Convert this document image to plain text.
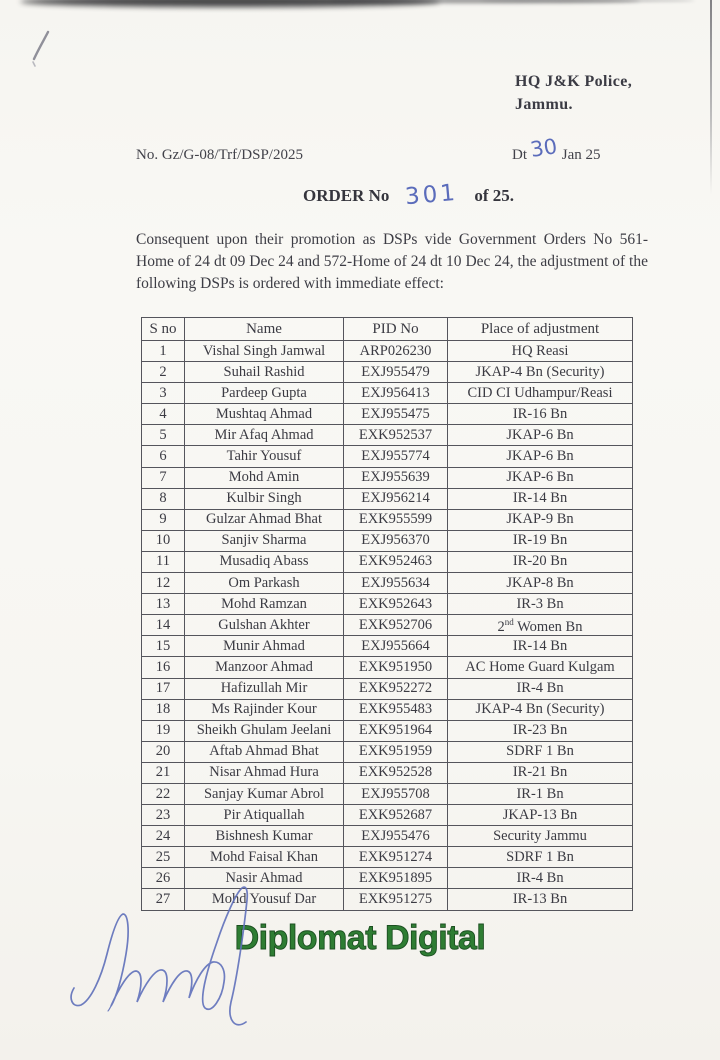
HQ J&K Police,
Jammu.
No. Gz/G-08/Trf/DSP/2025	Dt30 Jan 25
ORDER No 301 of 25.
Consequent upon their promotion as DSPs vide Government Orders No 561-Home of 24 dt 09 Dec 24 and 572-Home of 24 dt 10 Dec 24, the adjustment of the following DSPs is ordered with immediate effect:
S no	Name	PID No	Place of adjustment
1	Vishal Singh Jamwal	ARP026230	HQ Reasi
2	Suhail Rashid	EXJ955479	JKAP-4 Bn (Security)
3	Pardeep Gupta	EXJ956413	CID CI Udhampur/Reasi
4	Mushtaq Ahmad	EXJ955475	IR-16 Bn
5	Mir Afaq Ahmad	EXK952537	JKAP-6 Bn
6	Tahir Yousuf	EXJ955774	JKAP-6 Bn
7	Mohd Amin	EXJ955639	JKAP-6 Bn
8	Kulbir Singh	EXJ956214	IR-14 Bn
9	Gulzar Ahmad Bhat	EXK955599	JKAP-9 Bn
10	Sanjiv Sharma	EXJ956370	IR-19 Bn
11	Musadiq Abass	EXK952463	IR-20 Bn
12	Om Parkash	EXJ955634	JKAP-8 Bn
13	Mohd Ramzan	EXK952643	IR-3 Bn
14	Gulshan Akhter	EXK952706	2nd Women Bn
15	Munir Ahmad	EXJ955664	IR-14 Bn
16	Manzoor Ahmad	EXK951950	AC Home Guard Kulgam
17	Hafizullah Mir	EXK952272	IR-4 Bn
18	Ms Rajinder Kour	EXK955483	JKAP-4 Bn (Security)
19	Sheikh Ghulam Jeelani	EXK951964	IR-23 Bn
20	Aftab Ahmad Bhat	EXK951959	SDRF 1 Bn
21	Nisar Ahmad Hura	EXK952528	IR-21 Bn
22	Sanjay Kumar Abrol	EXJ955708	IR-1 Bn
23	Pir Atiquallah	EXK952687	JKAP-13 Bn
24	Bishnesh Kumar	EXJ955476	Security Jammu
25	Mohd Faisal Khan	EXK951274	SDRF 1 Bn
26	Nasir Ahmad	EXK951895	IR-4 Bn
27	Mohd Yousuf Dar	EXK951275	IR-13 Bn
Diplomat Digital
